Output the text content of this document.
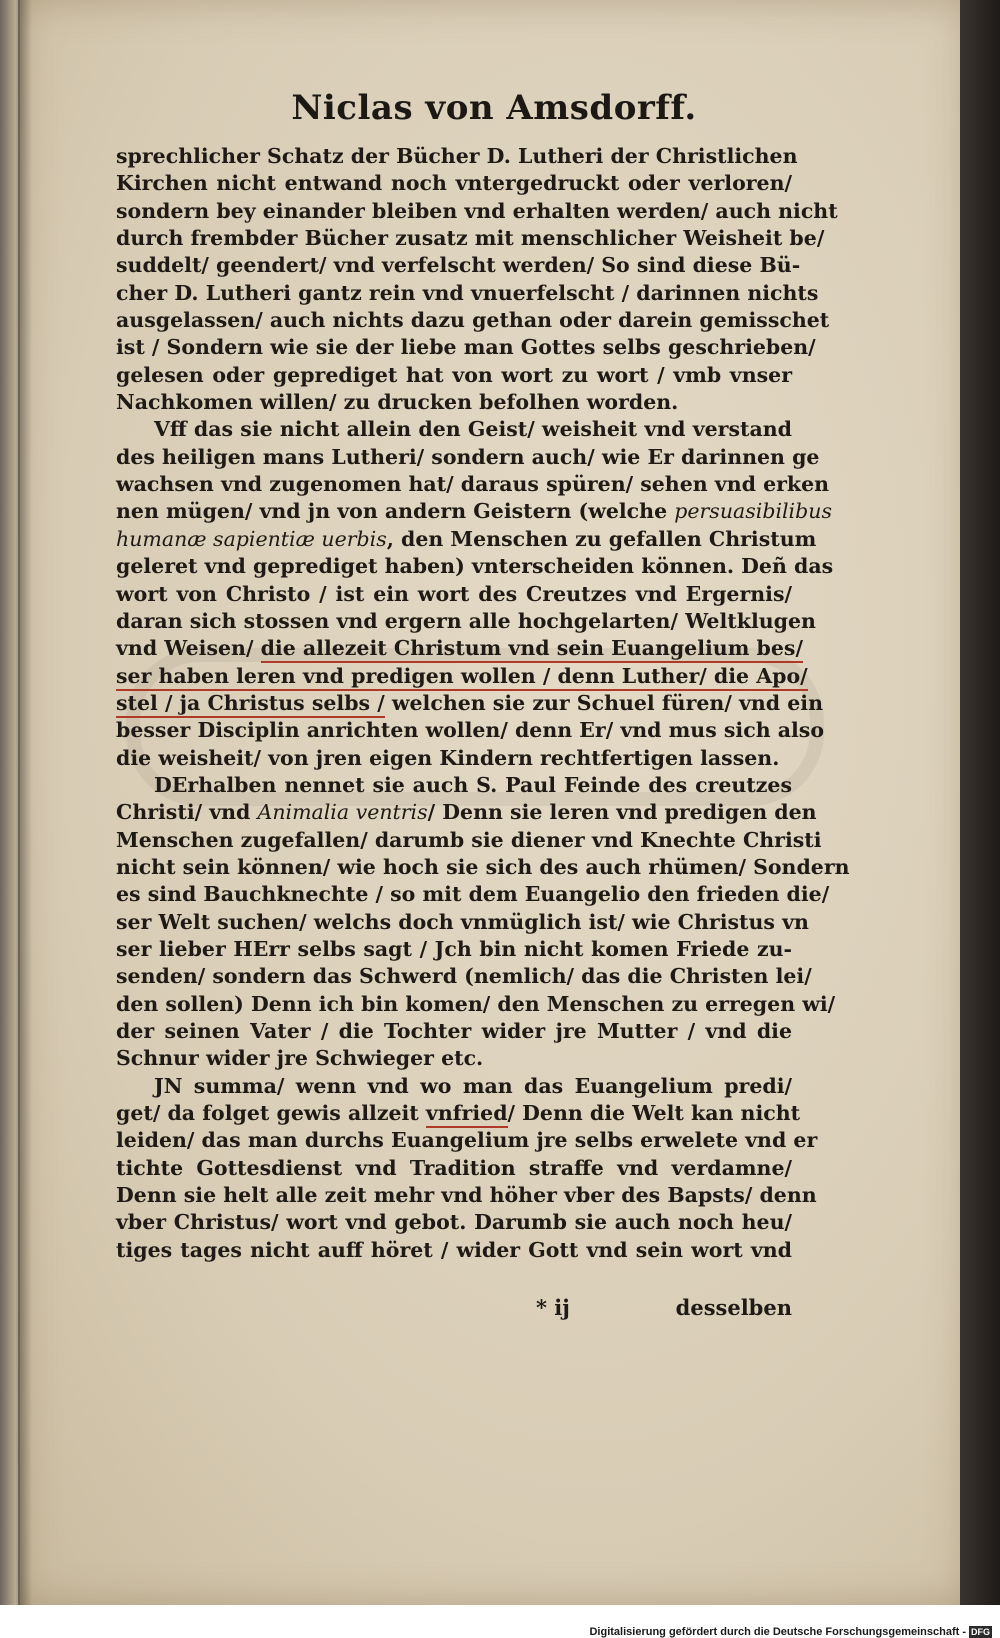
Niclas von Amsdorff.
sprechlicher Schatz der Bücher D. Lutheri der Christlichen
Kirchen nicht entwand noch vntergedruckt oder verloren/
sondern bey einander bleiben vnd erhalten werden/ auch nicht
durch frembder Bücher zusatz mit menschlicher Weisheit be/
suddelt/ geendert/ vnd verfelscht werden/ So sind diese Bü-
cher D. Lutheri gantz rein vnd vnuerfelscht / darinnen nichts
ausgelassen/ auch nichts dazu gethan oder darein gemisschet
ist / Sondern wie sie der liebe man Gottes selbs geschrieben/
gelesen oder geprediget hat von wort zu wort / vmb vnser
Nachkomen willen/ zu drucken befolhen worden.
Vff das sie nicht allein den Geist/ weisheit vnd verstand
des heiligen mans Lutheri/ sondern auch/ wie Er darinnen ge
wachsen vnd zugenomen hat/ daraus spüren/ sehen vnd erken
nen mügen/ vnd jn von andern Geistern (welche persuasibilibus
humanæ sapientiæ uerbis, den Menschen zu gefallen Christum
geleret vnd geprediget haben) vnterscheiden können. Deñ das
wort von Christo / ist ein wort des Creutzes vnd Ergernis/
daran sich stossen vnd ergern alle hochgelarten/ Weltklugen
vnd Weisen/ die allezeit Christum vnd sein Euangelium bes/
ser haben leren vnd predigen wollen / denn Luther/ die Apo/
stel / ja Christus selbs / welchen sie zur Schuel füren/ vnd ein
besser Disciplin anrichten wollen/ denn Er/ vnd mus sich also
die weisheit/ von jren eigen Kindern rechtfertigen lassen.
DErhalben nennet sie auch S. Paul Feinde des creutzes
Christi/ vnd Animalia ventris/ Denn sie leren vnd predigen den
Menschen zugefallen/ darumb sie diener vnd Knechte Christi
nicht sein können/ wie hoch sie sich des auch rhümen/ Sondern
es sind Bauchknechte / so mit dem Euangelio den frieden die/
ser Welt suchen/ welchs doch vnmüglich ist/ wie Christus vn
ser lieber HErr selbs sagt / Jch bin nicht komen Friede zu-
senden/ sondern das Schwerd (nemlich/ das die Christen lei/
den sollen) Denn ich bin komen/ den Menschen zu erregen wi/
der seinen Vater / die Tochter wider jre Mutter / vnd die
Schnur wider jre Schwieger etc.
JN summa/ wenn vnd wo man das Euangelium predi/
get/ da folget gewis allzeit vnfried/ Denn die Welt kan nicht
leiden/ das man durchs Euangelium jre selbs erwelete vnd er
tichte Gottesdienst vnd Tradition straffe vnd verdamne/
Denn sie helt alle zeit mehr vnd höher vber des Bapsts/ denn
vber Christus/ wort vnd gebot. Darumb sie auch noch heu/
tiges tages nicht auff höret / wider Gott vnd sein wort vnd
* ij	desselben
Digitalisierung gefördert durch die Deutsche Forschungsgemeinschaft - DFG
